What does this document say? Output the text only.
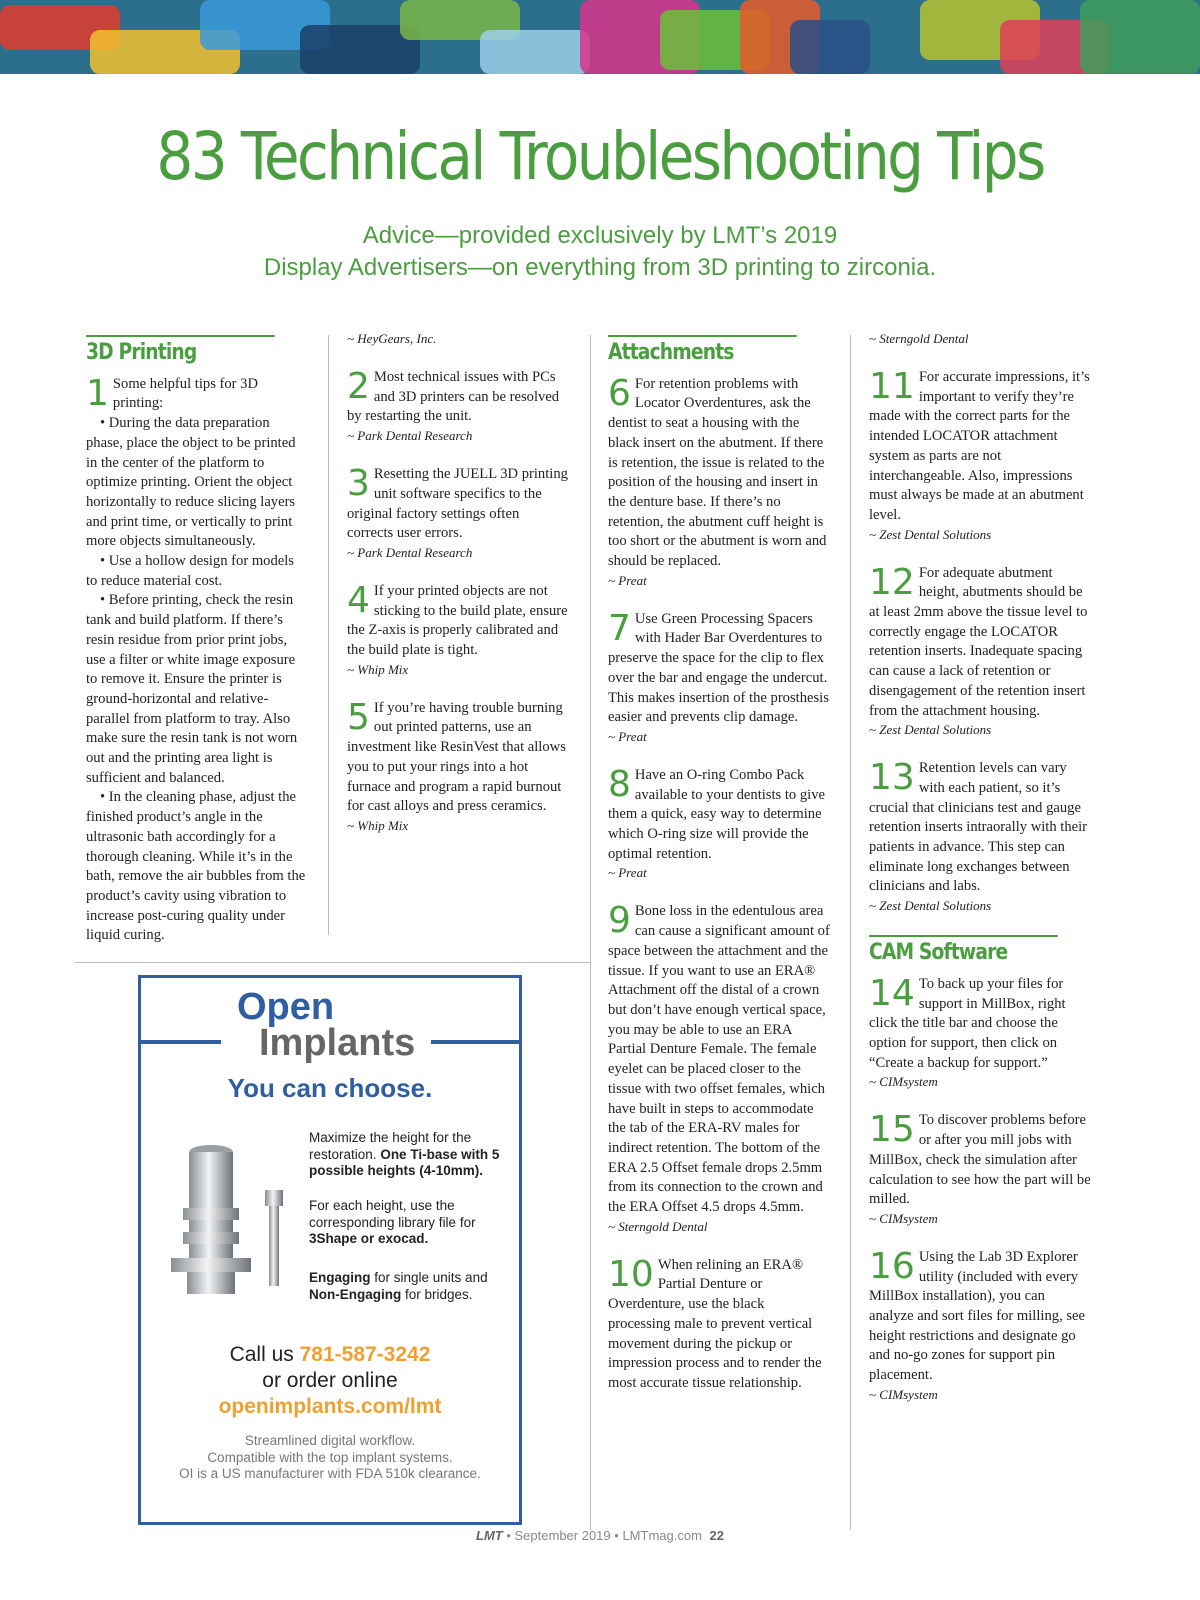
83 Technical Troubleshooting Tips
Advice—provided exclusively by LMT’s 2019
Display Advertisers—on everything from 3D printing to zirconia.
3D Printing
1 Some helpful tips for 3D printing:

• During the data preparation phase, place the object to be printed in the center of the platform to optimize printing. Orient the object horizontally to reduce slicing layers and print time, or vertically to print more objects simultaneously.

• Use a hollow design for models to reduce material cost.

• Before printing, check the resin tank and build platform. If there’s resin residue from prior print jobs, use a filter or white image exposure to remove it. Ensure the printer is ground-horizontal and relative-parallel from platform to tray. Also make sure the resin tank is not worn out and the printing area light is sufficient and balanced.

• In the cleaning phase, adjust the finished product’s angle in the ultrasonic bath accordingly for a thorough cleaning. While it’s in the bath, remove the air bubbles from the product’s cavity using vibration to increase post-curing quality under liquid curing.

~ HeyGears, Inc.

2 Most technical issues with PCs and 3D printers can be resolved by restarting the unit.

~ Park Dental Research
3 Resetting the JUELL 3D printing unit software specifics to the original factory settings often corrects user errors.

~ Park Dental Research
4 If your printed objects are not sticking to the build plate, ensure the Z-axis is properly calibrated and the build plate is tight.

~ Whip Mix
5 If you’re having trouble burning out printed patterns, use an investment like ResinVest that allows you to put your rings into a hot furnace and program a rapid burnout for cast alloys and press ceramics.

~ Whip Mix
Attachments
6 For retention problems with Locator Overdentures, ask the dentist to seat a housing with the black insert on the abutment. If there is retention, the issue is related to the position of the housing and insert in the denture base. If there’s no retention, the abutment cuff height is too short or the abutment is worn and should be replaced.

~ Preat
7 Use Green Processing Spacers with Hader Bar Overdentures to preserve the space for the clip to flex over the bar and engage the undercut. This makes insertion of the prosthesis easier and prevents clip damage.

~ Preat
8 Have an O-ring Combo Pack available to your dentists to give them a quick, easy way to determine which O-ring size will provide the optimal retention.

~ Preat
9 Bone loss in the edentulous area can cause a significant amount of space between the attachment and the tissue. If you want to use an ERA® Attachment off the distal of a crown but don’t have enough vertical space, you may be able to use an ERA Partial Denture Female. The female eyelet can be placed closer to the tissue with two offset females, which have built in steps to accommodate the tab of the ERA-RV males for indirect retention. The bottom of the ERA 2.5 Offset female drops 2.5mm from its connection to the crown and the ERA Offset 4.5 drops 4.5mm.

~ Sterngold Dental
10 When relining an ERA® Partial Denture or Overdenture, use the black processing male to prevent vertical movement during the pickup or impression process and to render the most accurate tissue relationship.

~ Sterngold Dental
11 For accurate impressions, it’s important to verify they’re made with the correct parts for the intended LOCATOR attachment system as parts are not interchangeable. Also, impressions must always be made at an abutment level.

~ Zest Dental Solutions
12 For adequate abutment height, abutments should be at least 2mm above the tissue level to correctly engage the LOCATOR retention inserts. Inadequate spacing can cause a lack of retention or disengagement of the retention insert from the attachment housing.

~ Zest Dental Solutions
13 Retention levels can vary with each patient, so it’s crucial that clinicians test and gauge retention inserts intraorally with their patients in advance. This step can eliminate long exchanges between clinicians and labs.

~ Zest Dental Solutions
CAM Software
14 To back up your files for support in MillBox, right click the title bar and choose the option for support, then click on “Create a backup for support.”

~ CIMsystem
15 To discover problems before or after you mill jobs with MillBox, check the simulation after calculation to see how the part will be milled.

~ CIMsystem
16 Using the Lab 3D Explorer utility (included with every MillBox installation), you can analyze and sort files for milling, see height restrictions and designate go and no-go zones for support pin placement.

~ CIMsystem
Open
Implants
You can choose.
Maximize the height for the restoration. One Ti-base with 5 possible heights (4-10mm).
For each height, use the corresponding library file for 3Shape or exocad.
Engaging for single units and Non-Engaging for bridges.
Call us 781-587-3242
or order online
openimplants.com/lmt
Streamlined digital workflow.
Compatible with the top implant systems.
OI is a US manufacturer with FDA 510k clearance.
LMT • September 2019 • LMTmag.com 22
